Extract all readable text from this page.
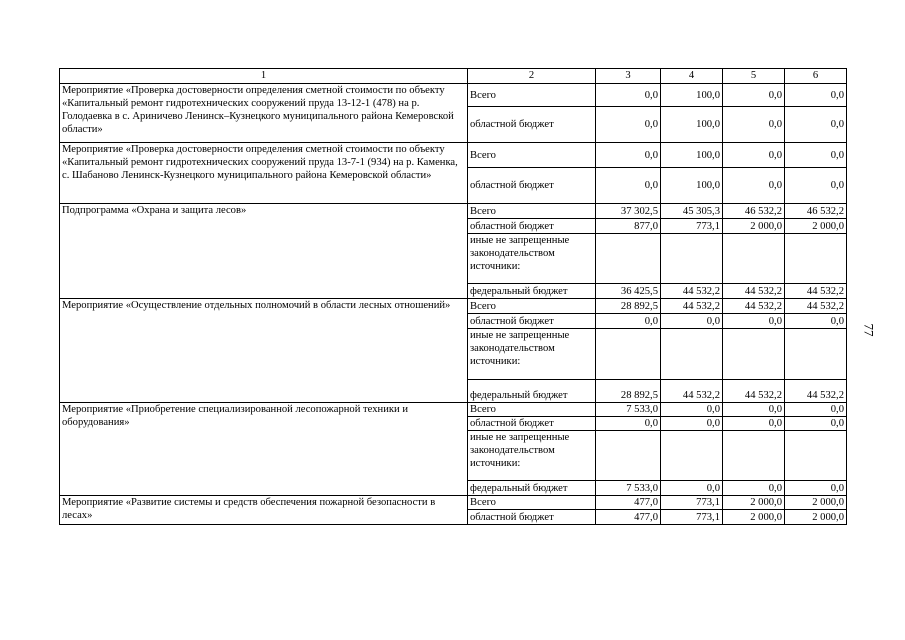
1	2	3	4	5	6
Мероприятие «Проверка достоверности определения сметной стоимости по объекту «Капитальный ремонт гидротехнических сооружений пруда 13-12-1 (478) на р. Голодаевка в с. Ариничево Ленинск–Кузнецкого муниципального района Кемеровской области»	Всего	0,0	100,0	0,0	0,0
	областной бюджет	0,0	100,0	0,0	0,0
Мероприятие «Проверка достоверности определения сметной стоимости по объекту «Капитальный ремонт гидротехнических сооружений пруда 13-7-1 (934) на р. Каменка, с. Шабаново Ленинск-Кузнецкого муниципального района Кемеровской области»	Всего	0,0	100,0	0,0	0,0
	областной бюджет	0,0	100,0	0,0	0,0
Подпрограмма «Охрана и защита лесов»	Всего	37 302,5	45 305,3	46 532,2	46 532,2
	областной бюджет	877,0	773,1	2 000,0	2 000,0
	иные не запрещенные законодательством источники:				
	федеральный бюджет	36 425,5	44 532,2	44 532,2	44 532,2
Мероприятие «Осуществление отдельных полномочий в области лесных отношений»	Всего	28 892,5	44 532,2	44 532,2	44 532,2
	областной бюджет	0,0	0,0	0,0	0,0
	иные не запрещенные законодательством источники:				
	федеральный бюджет	28 892,5	44 532,2	44 532,2	44 532,2
Мероприятие «Приобретение специализированной лесопожарной техники и оборудования»	Всего	7 533,0	0,0	0,0	0,0
	областной бюджет	0,0	0,0	0,0	0,0
	иные не запрещенные законодательством источники:				
	федеральный бюджет	7 533,0	0,0	0,0	0,0
Мероприятие «Развитие системы и средств обеспечения пожарной безопасности в лесах»	Всего	477,0	773,1	2 000,0	2 000,0
	областной бюджет	477,0	773,1	2 000,0	2 000,0
77
